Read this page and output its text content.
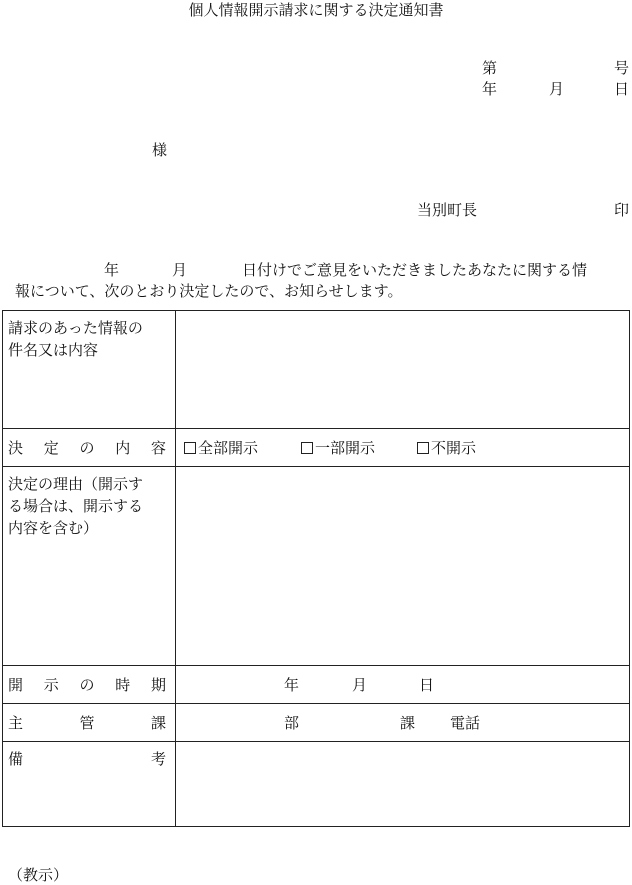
個人情報開示請求に関する決定通知書
第	号
年	月	日
様
当別町長	印
年	月	日付けでご意見をいただきましたあなたに関する情
報について、次のとおり決定したので、お知らせします。
請求のあった情報の
件名又は内容	

決定の内容	全部開示 一部開示 不開示

決定の理由（開示す
る場合は、開示する
内容を含む）	

開示の時期	年 月 日

主管課	部 課 電話

備考	
（教示）
